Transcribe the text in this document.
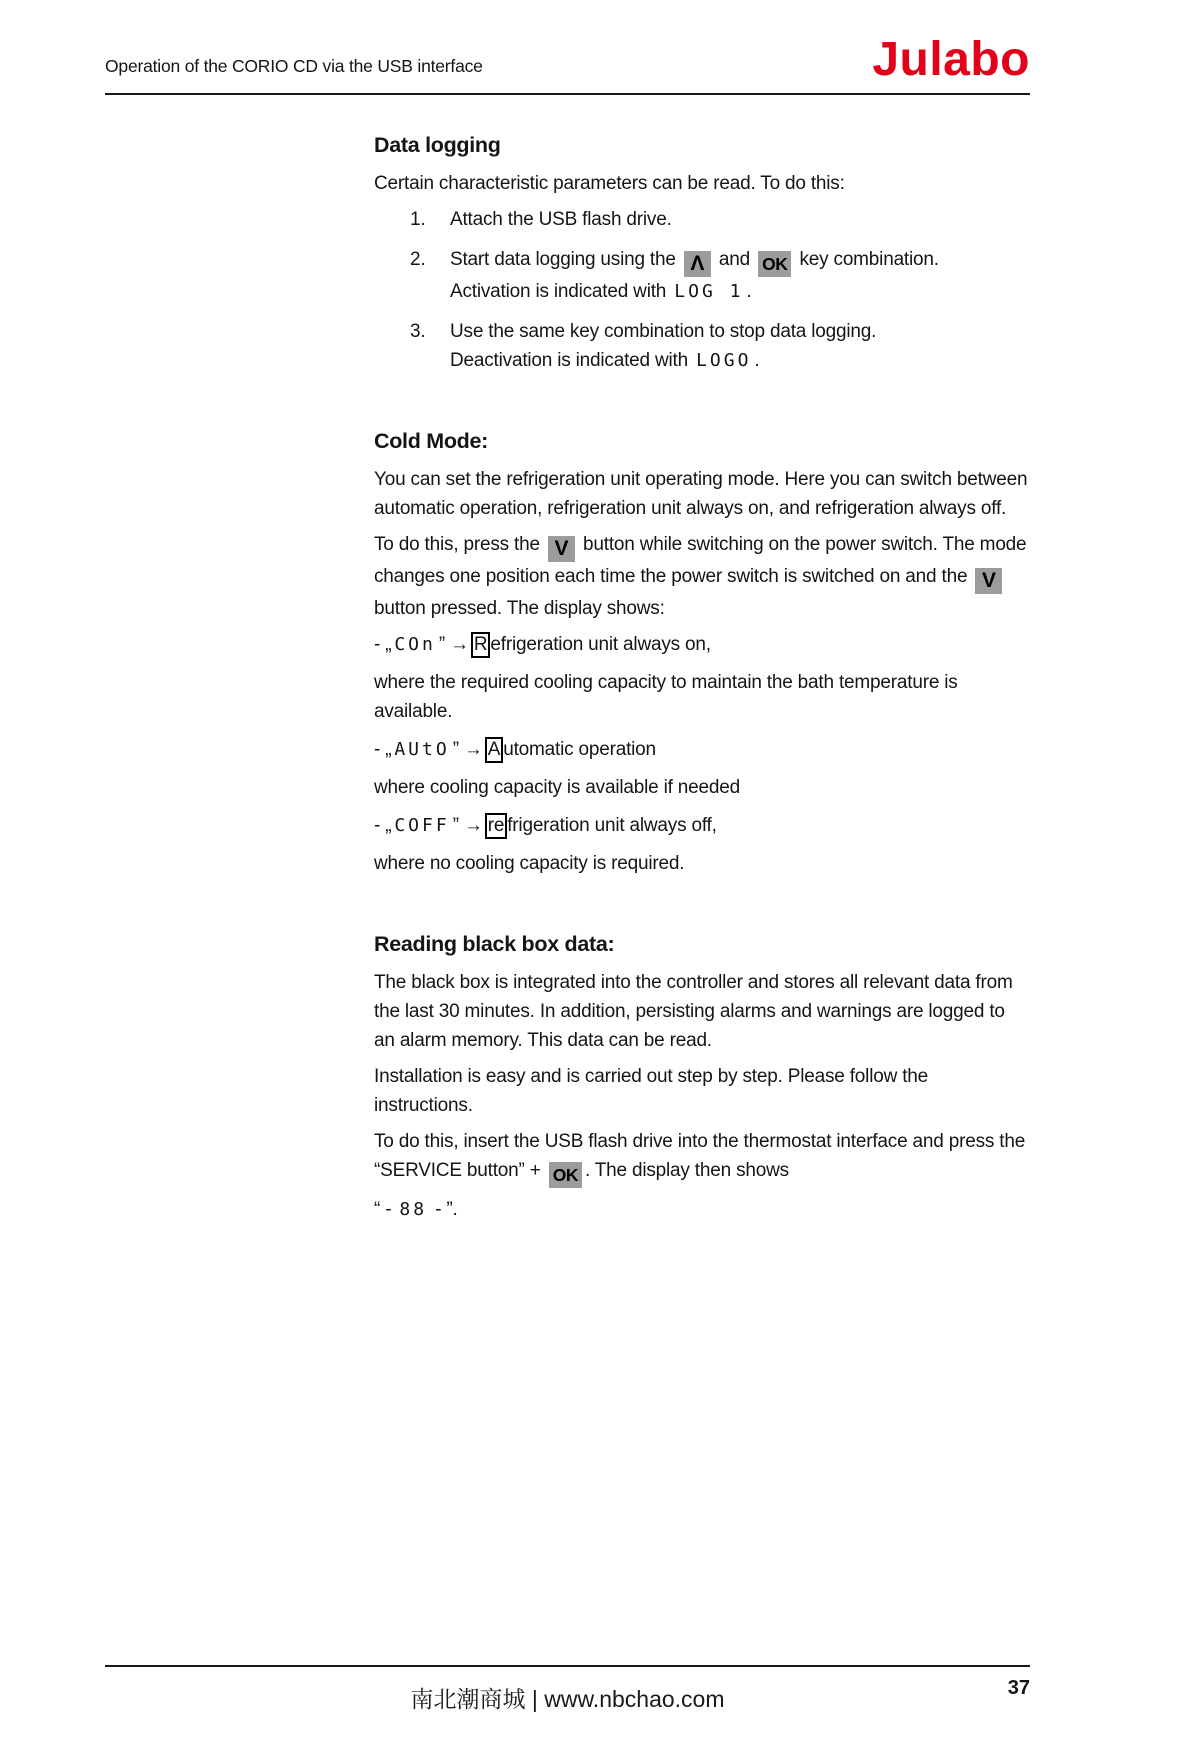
Operation of the CORIO CD via the USB interface	Julabo
Data logging

Certain characteristic parameters can be read. To do this:

1.	Attach the USB flash drive.
2.	Start data logging using the Λ and OK key combination.
Activation is indicated with LOG 1 .
3.	Use the same key combination to stop data logging.
Deactivation is indicated with LOGO .
Cold Mode:

You can set the refrigeration unit operating mode. Here you can switch between automatic operation, refrigeration unit always on, and refrigeration always off.

To do this, press the V button while switching on the power switch. The mode changes one position each time the power switch is switched on and the V button pressed. The display shows:

- „ COn ” → R efrigeration unit always on,
where the required cooling capacity to maintain the bath temperature is available.
- „ AUtO ” → A utomatic operation
where cooling capacity is available if needed
- „ COFF ” → re frigeration unit always off,
where no cooling capacity is required.
Reading black box data:

The black box is integrated into the controller and stores all relevant data from the last 30 minutes. In addition, persisting alarms and warnings are logged to an alarm memory. This data can be read.

Installation is easy and is carried out step by step. Please follow the instructions.

To do this, insert the USB flash drive into the thermostat interface and press the “SERVICE button” + OK . The display then shows

“ - 88 - ”.

南北潮商城 | www.nbchao.com	37
